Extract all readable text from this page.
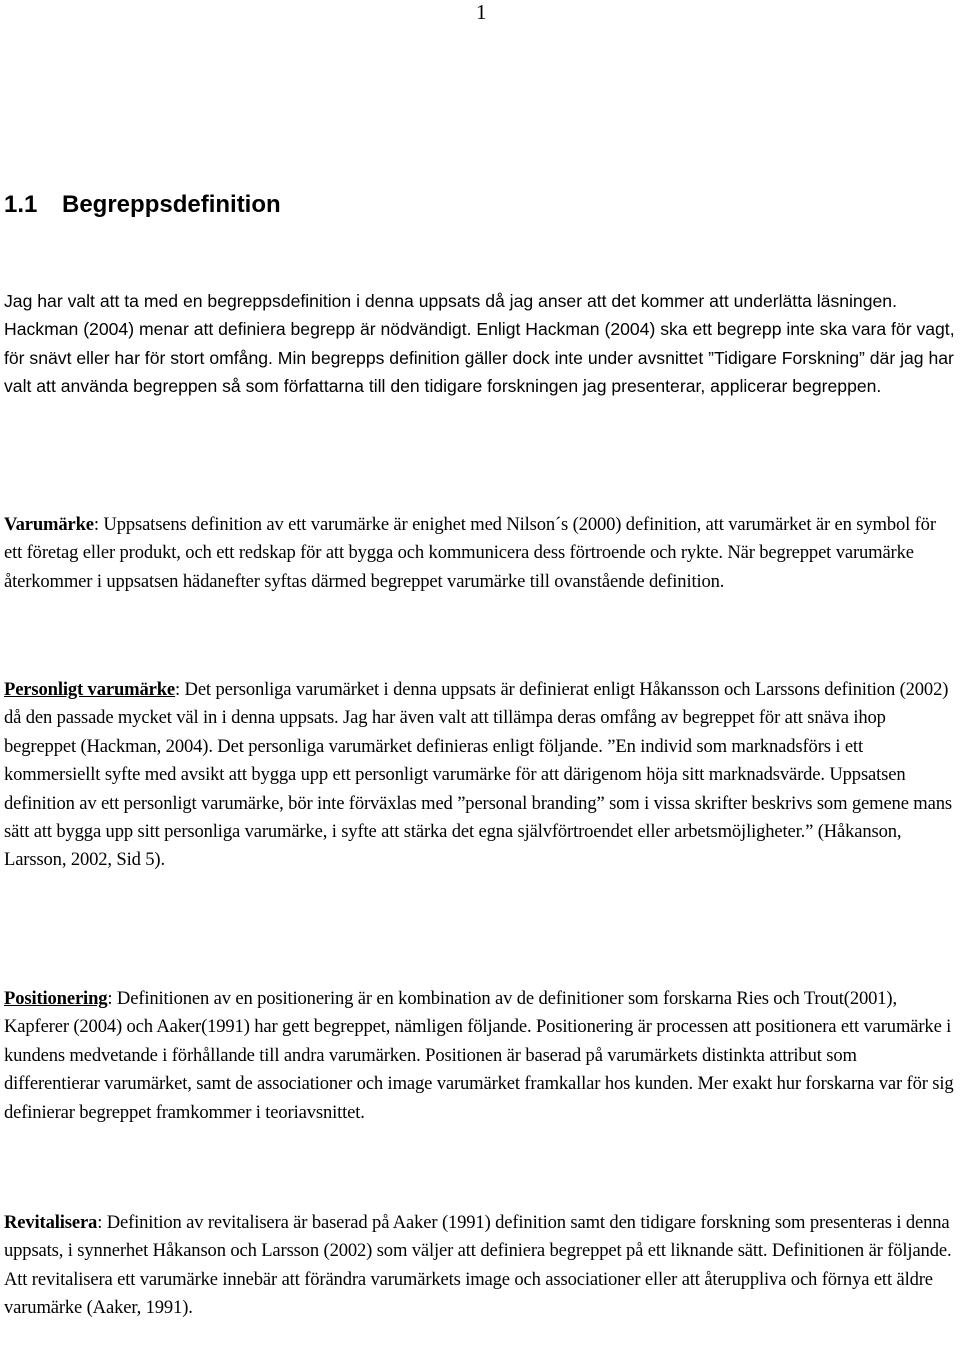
1
1.1 Begreppsdefinition

Jag har valt att ta med en begreppsdefinition i denna uppsats då jag anser att det kommer att underlätta läsningen. Hackman (2004) menar att definiera begrepp är nödvändigt. Enligt Hackman (2004) ska ett begrepp inte ska vara för vagt, för snävt eller har för stort omfång. Min begrepps definition gäller dock inte under avsnittet ”Tidigare Forskning” där jag har valt att använda begreppen så som författarna till den tidigare forskningen jag presenterar, applicerar begreppen.

Varumärke: Uppsatsens definition av ett varumärke är enighet med Nilson´s (2000) definition, att varumärket är en symbol för ett företag eller produkt, och ett redskap för att bygga och kommunicera dess förtroende och rykte. När begreppet varumärke återkommer i uppsatsen hädanefter syftas därmed begreppet varumärke till ovanstående definition.

Personligt varumärke: Det personliga varumärket i denna uppsats är definierat enligt Håkansson och Larssons definition (2002) då den passade mycket väl in i denna uppsats. Jag har även valt att tillämpa deras omfång av begreppet för att snäva ihop begreppet (Hackman, 2004). Det personliga varumärket definieras enligt följande. ”En individ som marknadsförs i ett kommersiellt syfte med avsikt att bygga upp ett personligt varumärke för att därigenom höja sitt marknadsvärde. Uppsatsen definition av ett personligt varumärke, bör inte förväxlas med ”personal branding” som i vissa skrifter beskrivs som gemene mans sätt att bygga upp sitt personliga varumärke, i syfte att stärka det egna självförtroendet eller arbetsmöjligheter.” (Håkanson, Larsson, 2002, Sid 5).

Positionering: Definitionen av en positionering är en kombination av de definitioner som forskarna Ries och Trout(2001), Kapferer (2004) och Aaker(1991) har gett begreppet, nämligen följande. Positionering är processen att positionera ett varumärke i kundens medvetande i förhållande till andra varumärken. Positionen är baserad på varumärkets distinkta attribut som differentierar varumärket, samt de associationer och image varumärket framkallar hos kunden. Mer exakt hur forskarna var för sig definierar begreppet framkommer i teoriavsnittet.

Revitalisera: Definition av revitalisera är baserad på Aaker (1991) definition samt den tidigare forskning som presenteras i denna uppsats, i synnerhet Håkanson och Larsson (2002) som väljer att definiera begreppet på ett liknande sätt. Definitionen är följande. Att revitalisera ett varumärke innebär att förändra varumärkets image och associationer eller att återuppliva och förnya ett äldre varumärke (Aaker, 1991).
